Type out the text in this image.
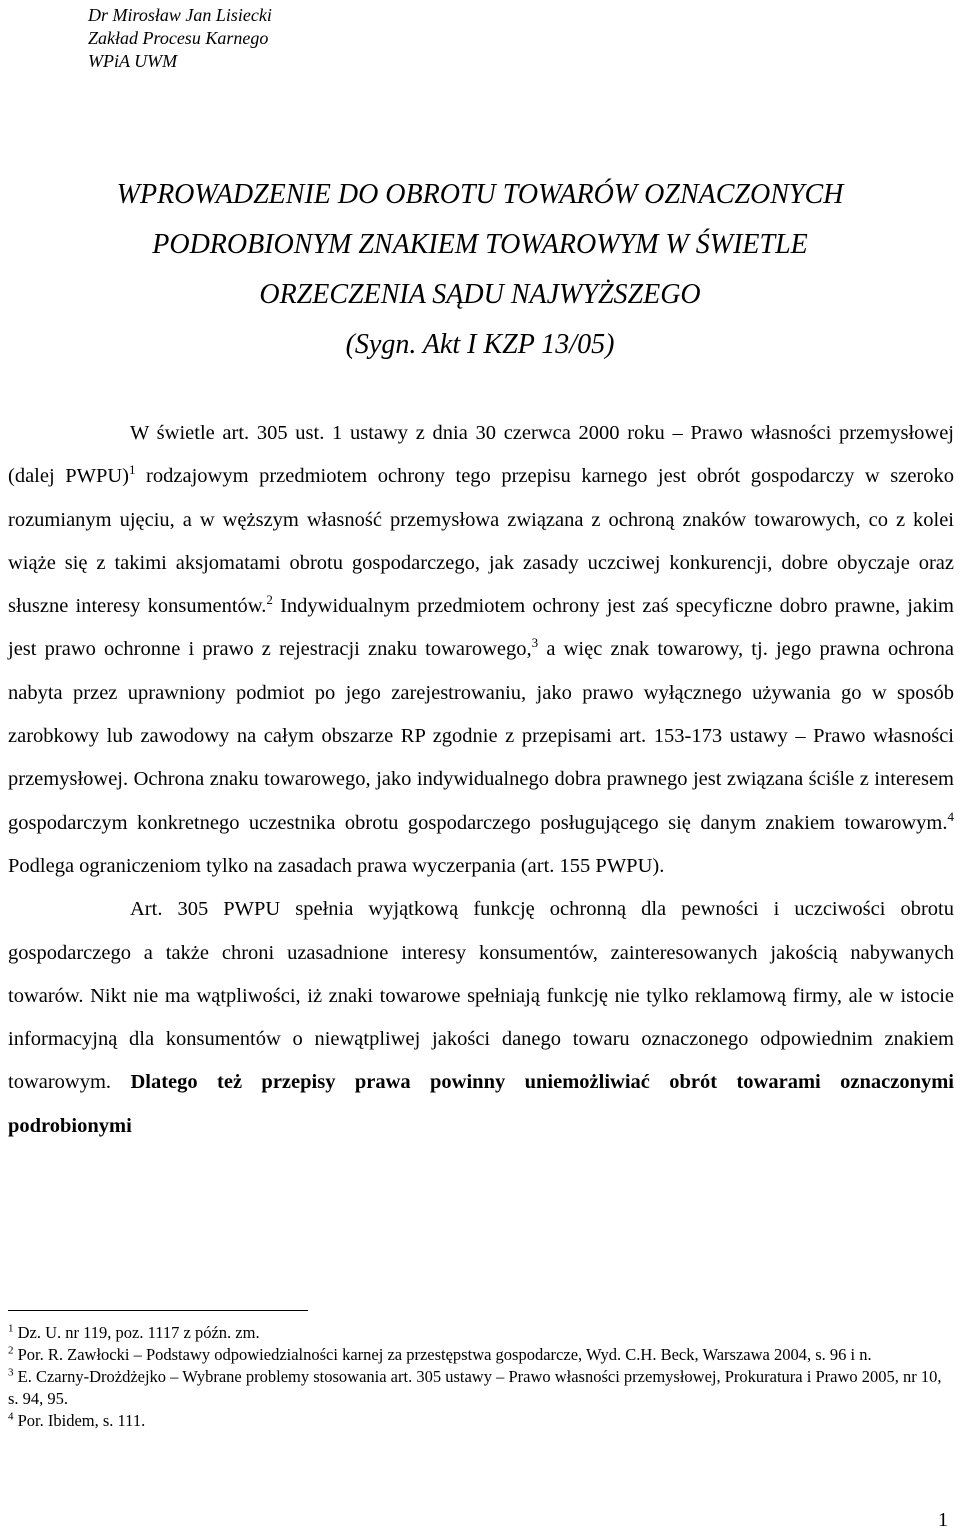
Dr Mirosław Jan Lisiecki
Zakład Procesu Karnego
WPiA UWM
WPROWADZENIE DO OBROTU TOWARÓW OZNACZONYCH
PODROBIONYM ZNAKIEM TOWAROWYM W ŚWIETLE
ORZECZENIA SĄDU NAJWYŻSZEGO
(Sygn. Akt I KZP 13/05)

W świetle art. 305 ust. 1 ustawy z dnia 30 czerwca 2000 roku – Prawo własności przemysłowej (dalej PWPU)$^1$ rodzajowym przedmiotem ochrony tego przepisu karnego jest obrót gospodarczy w szeroko rozumianym ujęciu, a w węższym własność przemysłowa związana z ochroną znaków towarowych, co z kolei wiąże się z takimi aksjomatami obrotu gospodarczego, jak zasady uczciwej konkurencji, dobre obyczaje oraz słuszne interesy konsumentów.$^2$ Indywidualnym przedmiotem ochrony jest zaś specyficzne dobro prawne, jakim jest prawo ochronne i prawo z rejestracji znaku towarowego,$^3$ a więc znak towarowy, tj. jego prawna ochrona nabyta przez uprawniony podmiot po jego zarejestrowaniu, jako prawo wyłącznego używania go w sposób zarobkowy lub zawodowy na całym obszarze RP zgodnie z przepisami art. 153-173 ustawy – Prawo własności przemysłowej. Ochrona znaku towarowego, jako indywidualnego dobra prawnego jest związana ściśle z interesem gospodarczym konkretnego uczestnika obrotu gospodarczego posługującego się danym znakiem towarowym.$^4$ Podlega ograniczeniom tylko na zasadach prawa wyczerpania (art. 155 PWPU).

Art. 305 PWPU spełnia wyjątkową funkcję ochronną dla pewności i uczciwości obrotu gospodarczego a także chroni uzasadnione interesy konsumentów, zainteresowanych jakością nabywanych towarów. Nikt nie ma wątpliwości, iż znaki towarowe spełniają funkcję nie tylko reklamową firmy, ale w istocie informacyjną dla konsumentów o niewątpliwej jakości danego towaru oznaczonego odpowiednim znakiem towarowym. Dlatego też przepisy prawa powinny uniemożliwiać obrót towarami oznaczonymi podrobionymi

$^1$ Dz. U. nr 119, poz. 1117 z późn. zm.
$^2$ Por. R. Zawłocki – Podstawy odpowiedzialności karnej za przestępstwa gospodarcze, Wyd. C.H. Beck, Warszawa 2004, s. 96 i n.
$^3$ E. Czarny-Drożdżejko – Wybrane problemy stosowania art. 305 ustawy – Prawo własności przemysłowej, Prokuratura i Prawo 2005, nr 10, s. 94, 95.
$^4$ Por. Ibidem, s. 111.
1
